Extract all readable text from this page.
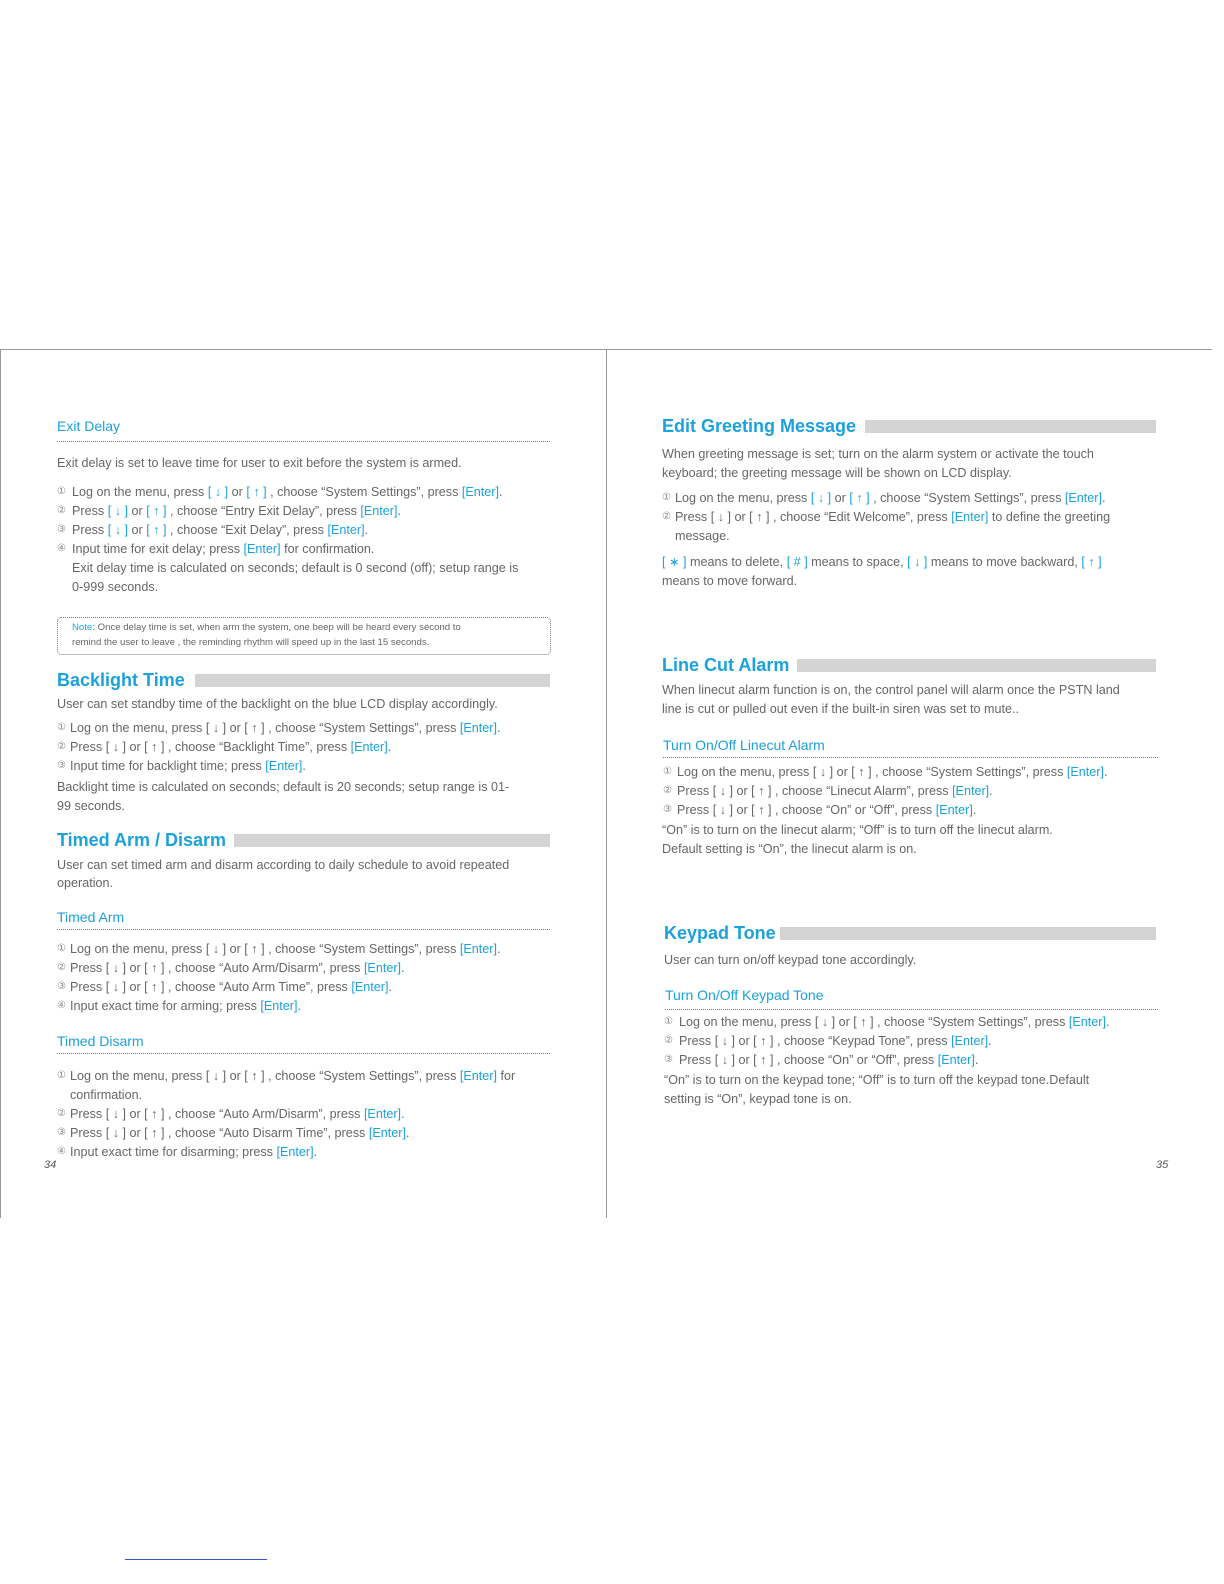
Exit Delay
Exit delay is set to leave time for user to exit before the system is armed.
① Log on the menu, press [ ↓ ] or [ ↑ ] , choose “System Settings”, press [Enter].
② Press [ ↓ ] or [ ↑ ] , choose “Entry Exit Delay”, press [Enter].
③ Press [ ↓ ] or [ ↑ ] , choose “Exit Delay”, press [Enter].
④ Input time for exit delay; press [Enter] for confirmation.
Exit delay time is calculated on seconds; default is 0 second (off); setup range is
0-999 seconds.
Note: Once delay time is set, when arm the system, one beep will be heard every second to
remind the user to leave , the reminding rhythm will speed up in the last 15 seconds.
Backlight Time
User can set standby time of the backlight on the blue LCD display accordingly.
① Log on the menu, press [ ↓ ] or [ ↑ ] , choose “System Settings”, press [Enter].
② Press [ ↓ ] or [ ↑ ] , choose “Backlight Time”, press [Enter].
③ Input time for backlight time; press [Enter].
Backlight time is calculated on seconds; default is 20 seconds; setup range is 01-
99 seconds.
Timed Arm / Disarm
User can set timed arm and disarm according to daily schedule to avoid repeated
operation.
Timed Arm
① Log on the menu, press [ ↓ ] or [ ↑ ] , choose “System Settings”, press [Enter].
② Press [ ↓ ] or [ ↑ ] , choose “Auto Arm/Disarm”, press [Enter].
③ Press [ ↓ ] or [ ↑ ] , choose “Auto Arm Time”, press [Enter].
④ Input exact time for arming; press [Enter].
Timed Disarm
① Log on the menu, press [ ↓ ] or [ ↑ ] , choose “System Settings”, press [Enter] for
confirmation.
② Press [ ↓ ] or [ ↑ ] , choose “Auto Arm/Disarm”, press [Enter].
③ Press [ ↓ ] or [ ↑ ] , choose “Auto Disarm Time”, press [Enter].
④ Input exact time for disarming; press [Enter].
34
Edit Greeting Message
When greeting message is set; turn on the alarm system or activate the touch
keyboard; the greeting message will be shown on LCD display.
① Log on the menu, press [ ↓ ] or [ ↑ ] , choose “System Settings”, press [Enter].
② Press [ ↓ ] or [ ↑ ] , choose “Edit Welcome”, press [Enter] to define the greeting
message.
[ ∗ ] means to delete, [ # ] means to space, [ ↓ ] means to move backward, [ ↑ ]
means to move forward.
Line Cut Alarm
When linecut alarm function is on, the control panel will alarm once the PSTN land
line is cut or pulled out even if the built-in siren was set to mute..
Turn On/Off Linecut Alarm
① Log on the menu, press [ ↓ ] or [ ↑ ] , choose “System Settings”, press [Enter].
② Press [ ↓ ] or [ ↑ ] , choose “Linecut Alarm”, press [Enter].
③ Press [ ↓ ] or [ ↑ ] , choose “On” or “Off”, press [Enter].
“On” is to turn on the linecut alarm; “Off” is to turn off the linecut alarm.
Default setting is “On”, the linecut alarm is on.
Keypad Tone
User can turn on/off keypad tone accordingly.
Turn On/Off Keypad Tone
① Log on the menu, press [ ↓ ] or [ ↑ ] , choose “System Settings”, press [Enter].
② Press [ ↓ ] or [ ↑ ] , choose “Keypad Tone”, press [Enter].
③ Press [ ↓ ] or [ ↑ ] , choose “On” or “Off”, press [Enter].
“On” is to turn on the keypad tone; “Off” is to turn off the keypad tone.Default
setting is “On”, keypad tone is on.
35
